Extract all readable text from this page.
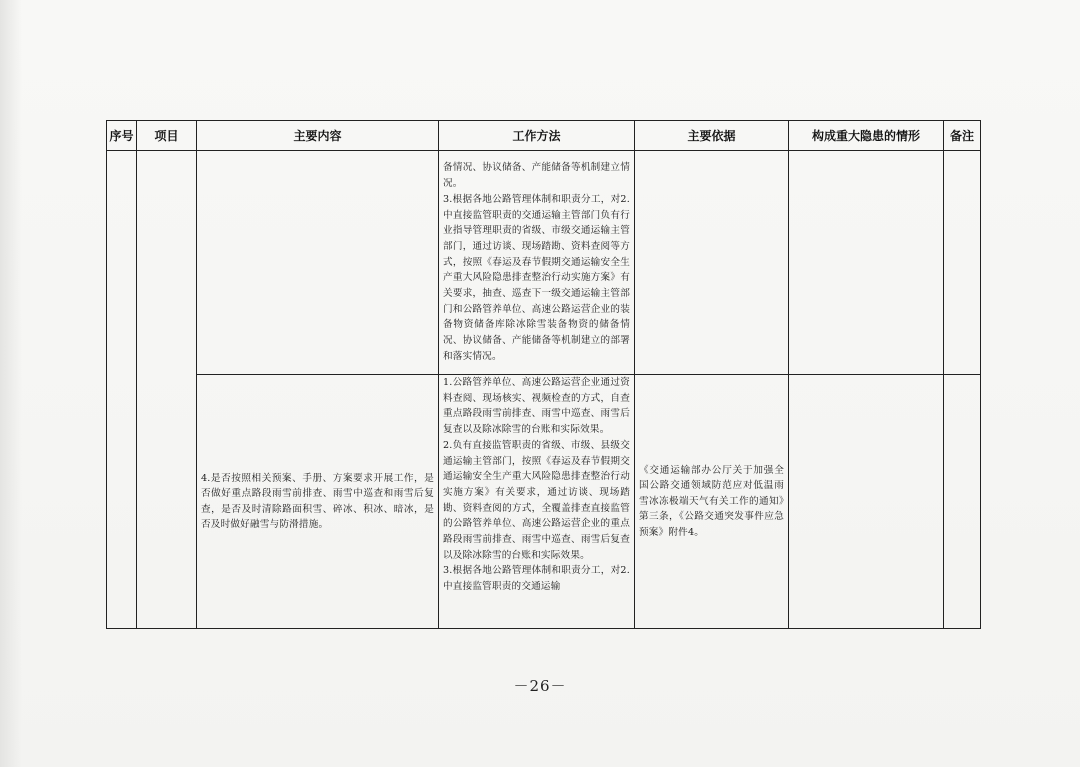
序号	项目	主要内容	工作方法	主要依据	构成重大隐患的情形	备注

			备情况、协议储备、产能储备等机制建立情况。
3.根据各地公路管理体制和职责分工，对2.中直接监管职责的交通运输主管部门负有行业指导管理职责的省级、市级交通运输主管部门，通过访谈、现场踏勘、资料查阅等方式，按照《春运及春节假期交通运输安全生产重大风险隐患排查整治行动实施方案》有关要求，抽查、巡查下一级交通运输主管部门和公路管养单位、高速公路运营企业的装备物资储备库除冰除雪装备物资的储备情况、协议储备、产能储备等机制建立的部署和落实情况。			

		4.是否按照相关预案、手册、方案要求开展工作，是否做好重点路段雨雪前排查、雨雪中巡查和雨雪后复查，是否及时清除路面积雪、碎冰、积冰、暗冰，是否及时做好融雪与防滑措施。	1.公路管养单位、高速公路运营企业通过资料查阅、现场核实、视频检查的方式，自查重点路段雨雪前排查、雨雪中巡查、雨雪后复查以及除冰除雪的台账和实际效果。
2.负有直接监管职责的省级、市级、县级交通运输主管部门，按照《春运及春节假期交通运输安全生产重大风险隐患排查整治行动实施方案》有关要求，通过访谈、现场踏勘、资料查阅的方式，全覆盖排查直接监管的公路管养单位、高速公路运营企业的重点路段雨雪前排查、雨雪中巡查、雨雪后复查以及除冰除雪的台账和实际效果。
3.根据各地公路管理体制和职责分工，对2.中直接监管职责的交通运输	《交通运输部办公厅关于加强全国公路交通领域防范应对低温雨雪冰冻极端天气有关工作的通知》第三条，《公路交通突发事件应急预案》附件4。		

－26－
